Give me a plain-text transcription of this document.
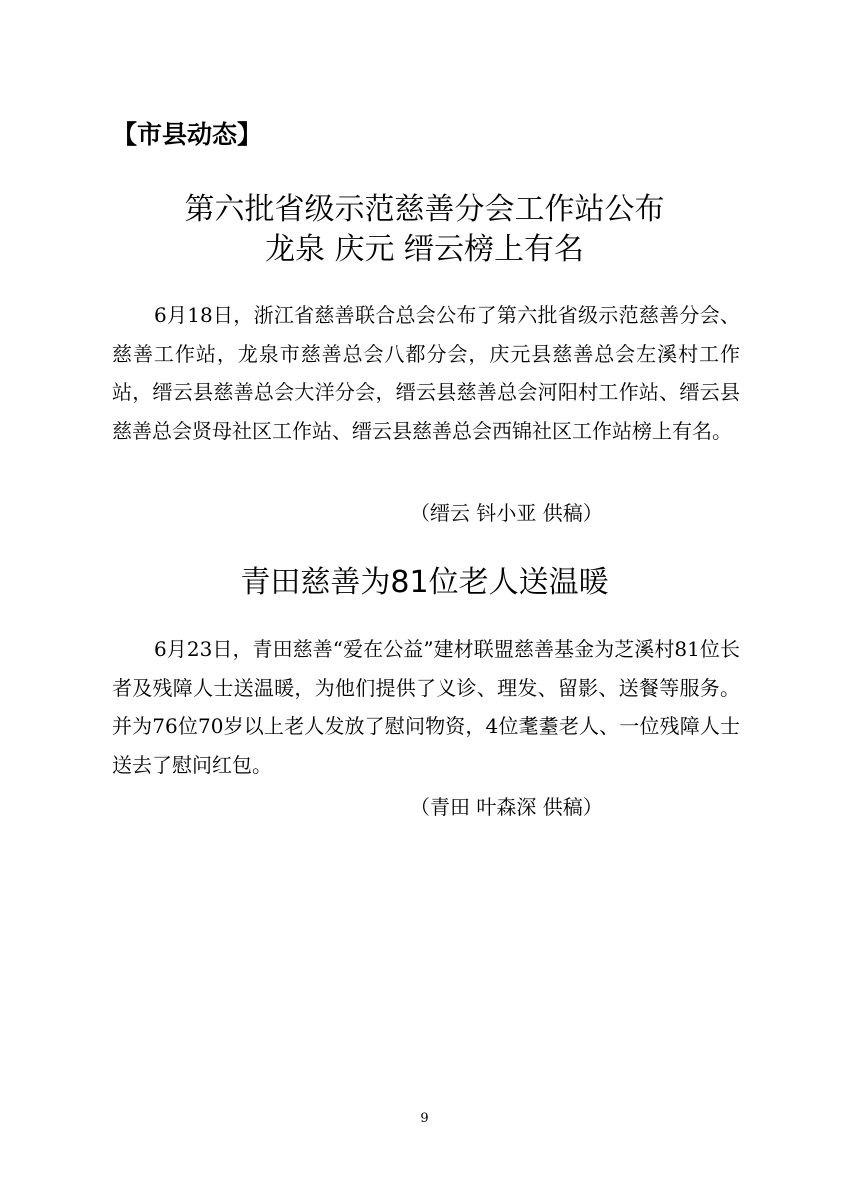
【市县动态】
第六批省级示范慈善分会工作站公布
龙泉 庆元 缙云榜上有名

6月18日，浙江省慈善联合总会公布了第六批省级示范慈善分会、慈善工作站，龙泉市慈善总会八都分会，庆元县慈善总会左溪村工作站，缙云县慈善总会大洋分会，缙云县慈善总会河阳村工作站、缙云县慈善总会贤母社区工作站、缙云县慈善总会西锦社区工作站榜上有名。

（缙云 钭小亚 供稿）
青田慈善为81位老人送温暖

6月23日，青田慈善“爱在公益”建材联盟慈善基金为芝溪村81位长者及残障人士送温暖，为他们提供了义诊、理发、留影、送餐等服务。并为76位70岁以上老人发放了慰问物资，4位耄耋老人、一位残障人士送去了慰问红包。

（青田 叶森深 供稿）
9
